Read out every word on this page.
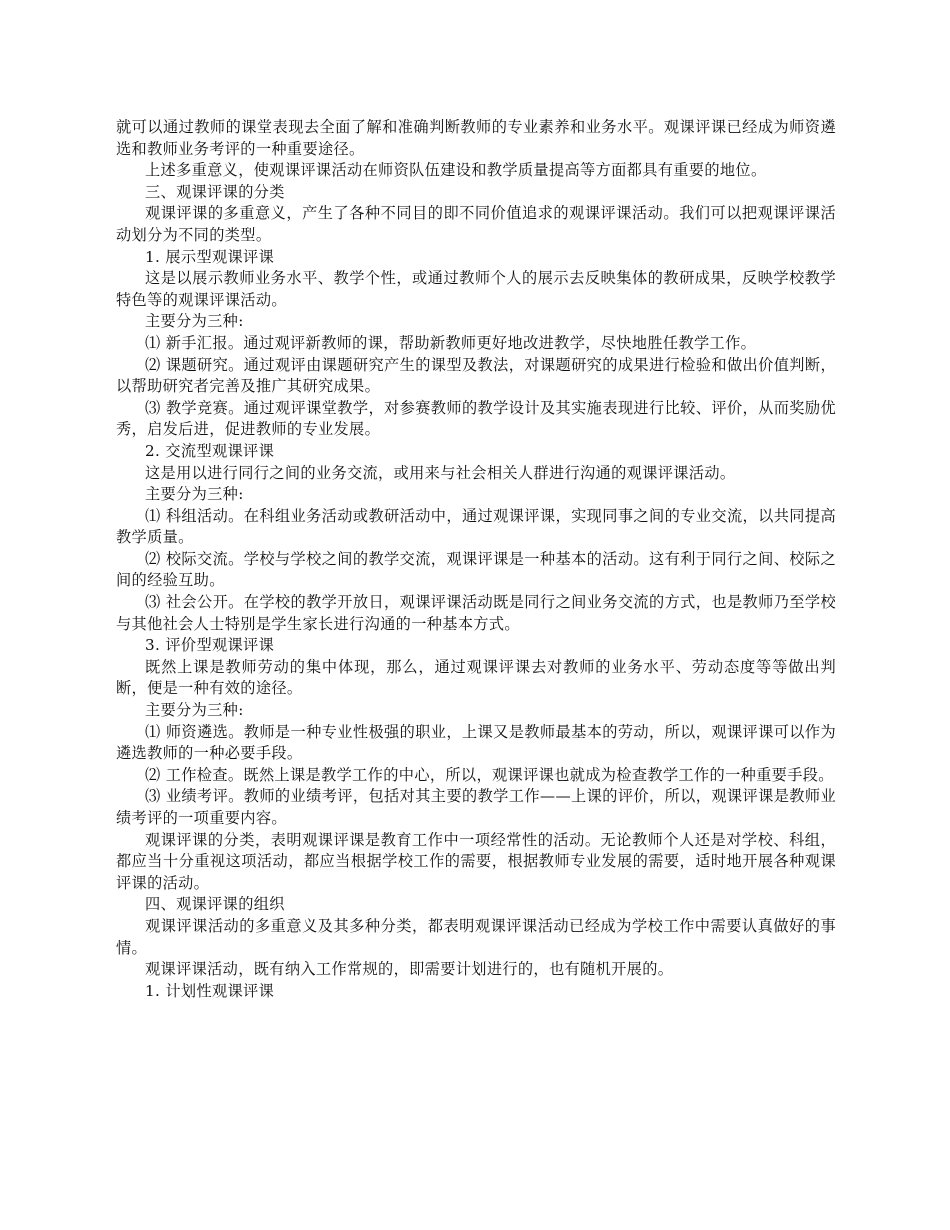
就可以通过教师的课堂表现去全面了解和准确判断教师的专业素养和业务水平。观课评课已经成为师资遴选和教师业务考评的一种重要途径。

上述多重意义，使观课评课活动在师资队伍建设和教学质量提高等方面都具有重要的地位。

三、观课评课的分类

观课评课的多重意义，产生了各种不同目的即不同价值追求的观课评课活动。我们可以把观课评课活动划分为不同的类型。

1. 展示型观课评课

这是以展示教师业务水平、教学个性，或通过教师个人的展示去反映集体的教研成果，反映学校教学特色等的观课评课活动。

主要分为三种:

⑴ 新手汇报。通过观评新教师的课，帮助新教师更好地改进教学，尽快地胜任教学工作。

⑵ 课题研究。通过观评由课题研究产生的课型及教法，对课题研究的成果进行检验和做出价值判断，以帮助研究者完善及推广其研究成果。

⑶ 教学竞赛。通过观评课堂教学，对参赛教师的教学设计及其实施表现进行比较、评价，从而奖励优秀，启发后进，促进教师的专业发展。

2. 交流型观课评课

这是用以进行同行之间的业务交流，或用来与社会相关人群进行沟通的观课评课活动。

主要分为三种:

⑴ 科组活动。在科组业务活动或教研活动中，通过观课评课，实现同事之间的专业交流，以共同提高教学质量。

⑵ 校际交流。学校与学校之间的教学交流，观课评课是一种基本的活动。这有利于同行之间、校际之间的经验互助。

⑶ 社会公开。在学校的教学开放日，观课评课活动既是同行之间业务交流的方式，也是教师乃至学校与其他社会人士特别是学生家长进行沟通的一种基本方式。

3. 评价型观课评课

既然上课是教师劳动的集中体现，那么，通过观课评课去对教师的业务水平、劳动态度等等做出判断，便是一种有效的途径。

主要分为三种:

⑴ 师资遴选。教师是一种专业性极强的职业，上课又是教师最基本的劳动，所以，观课评课可以作为遴选教师的一种必要手段。

⑵ 工作检查。既然上课是教学工作的中心，所以，观课评课也就成为检查教学工作的一种重要手段。

⑶ 业绩考评。教师的业绩考评，包括对其主要的教学工作——上课的评价，所以，观课评课是教师业绩考评的一项重要内容。

观课评课的分类，表明观课评课是教育工作中一项经常性的活动。无论教师个人还是对学校、科组，都应当十分重视这项活动，都应当根据学校工作的需要，根据教师专业发展的需要，适时地开展各种观课评课的活动。

四、观课评课的组织

观课评课活动的多重意义及其多种分类，都表明观课评课活动已经成为学校工作中需要认真做好的事情。

观课评课活动，既有纳入工作常规的，即需要计划进行的，也有随机开展的。

1. 计划性观课评课
